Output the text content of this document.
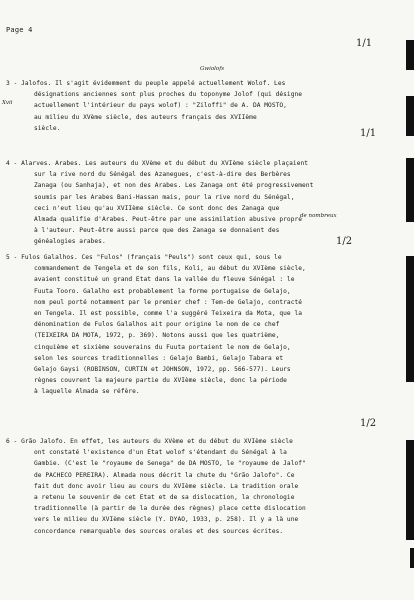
Page 4
1/1
Gwiolofs
Xvii
3 - Jalofos. Il s'agit évidemment du peuple appelé actuellement Wolof. Les
désignations anciennes sont plus proches du toponyme Jolof (qui désigne
actuellement l'intérieur du pays wolof) : "Ziloffi" de A. DA MOSTO,
au milieu du XVème siècle, des auteurs français des XVIIème
siècle.	1/1
de nombreux
4 - Alarves. Arabes. Les auteurs du XVème et du début du XVIème siècle plaçaient
sur la rive nord du Sénégal des Azanegues, c'est-à-dire des Berbères
Zanaga (ou Sanhaja), et non des Arabes. Les Zanaga ont été progressivement
soumis par les Arabes Bani-Hassan mais, pour la rive nord du Sénégal,
ceci n'eut lieu qu'au XVIIème siècle. Ce sont donc des Zanaga que
Almada qualifie d'Arabes. Peut-être par une assimilation abusive propre
à l'auteur. Peut-être aussi parce que des Zanaga se donnaient des
généalogies arabes.	1/2
5 - Fulos Galalhos. Ces "Fulos" (français "Peuls") sont ceux qui, sous le
commandement de Tengela et de son fils, Koli, au début du XVIème siècle,
avaient constitué un grand Etat dans la vallée du fleuve Sénégal : le
Fuuta Tooro. Galalho est probablement la forme portugaise de Gelajo,
nom peul porté notamment par le premier chef : Tem-de Gelajo, contracté
en Tengela. Il est possible, comme l'a suggéré Teixeira da Mota, que la
dénomination de Fulos Galalhos ait pour origine le nom de ce chef
(TEIXEIRA DA MOTA, 1972, p. 369). Notons aussi que les quatrième,
cinquième et sixième souverains du Fuuta portaient le nom de Gelajo,
selon les sources traditionnelles : Gelajo Bambi, Gelajo Tabara et
Gelajo Gaysi (ROBINSON, CURTIN et JOHNSON, 1972, pp. 566-577). Leurs
règnes couvrent la majeure partie du XVIème siècle, donc la période
à laquelle Almada se réfère.
1/2
6 - Grão Jalofo. En effet, les auteurs du XVème et du début du XVIème siècle
ont constaté l'existence d'un Etat wolof s'étendant du Sénégal à la
Gambie. (C'est le "royaume de Senega" de DA MOSTO, le "royaume de Jalof"
de PACHECO PEREIRA). Almada nous décrit la chute du "Grão Jalofo". Ce
fait dut donc avoir lieu au cours du XVIème siècle. La tradition orale
a retenu le souvenir de cet Etat et de sa dislocation, la chronologie
traditionnelle (à partir de la durée des règnes) place cette dislocation
vers le milieu du XVIème siècle (Y. DYAO, 1933, p. 258). Il y a là une
concordance remarquable des sources orales et des sources écrites.
